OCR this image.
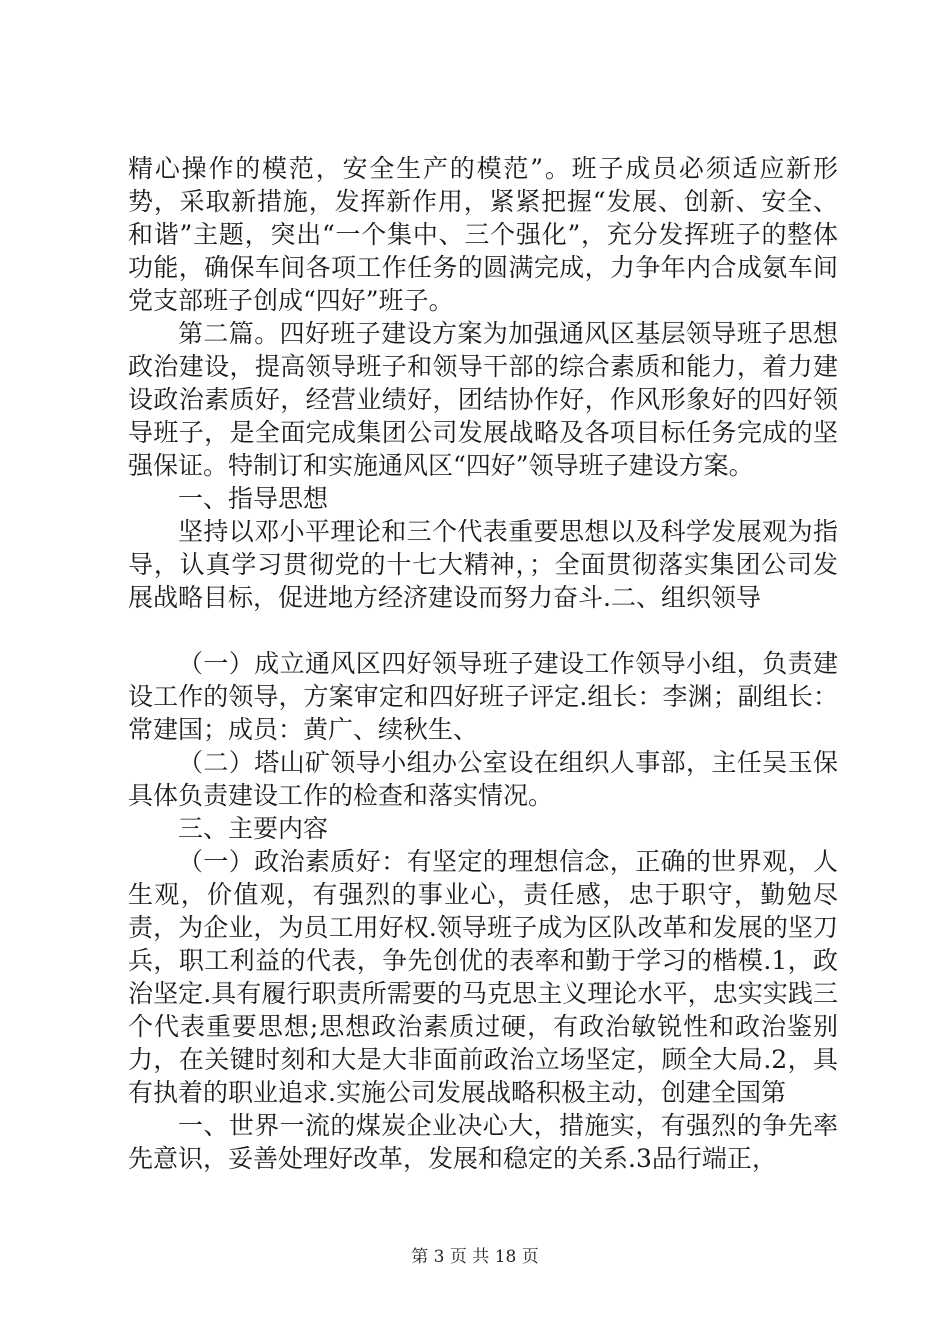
精心操作的模范，安全生产的模范”。班子成员必须适应新形势，采取新措施，发挥新作用，紧紧把握“发展、创新、安全、和谐”主题，突出“一个集中、三个强化”，充分发挥班子的整体功能，确保车间各项工作任务的圆满完成，力争年内合成氨车间党支部班子创成“四好”班子。

第二篇。四好班子建设方案为加强通风区基层领导班子思想政治建设，提高领导班子和领导干部的综合素质和能力，着力建设政治素质好，经营业绩好，团结协作好，作风形象好的四好领导班子，是全面完成集团公司发展战略及各项目标任务完成的坚强保证。特制订和实施通风区“四好”领导班子建设方案。

一、指导思想

坚持以邓小平理论和三个代表重要思想以及科学发展观为指导，认真学习贯彻党的十七大精神，；全面贯彻落实集团公司发展战略目标，促进地方经济建设而努力奋斗.二、组织领导

（一）成立通风区四好领导班子建设工作领导小组，负责建设工作的领导，方案审定和四好班子评定.组长：李渊；副组长：常建国；成员：黄广、续秋生、

（二）塔山矿领导小组办公室设在组织人事部，主任吴玉保具体负责建设工作的检查和落实情况。

三、主要内容

（一）政治素质好：有坚定的理想信念，正确的世界观，人生观，价值观，有强烈的事业心，责任感，忠于职守，勤勉尽责，为企业，为员工用好权.领导班子成为区队改革和发展的坚刀兵，职工利益的代表，争先创优的表率和勤于学习的楷模.1，政治坚定.具有履行职责所需要的马克思主义理论水平，忠实实践三个代表重要思想;思想政治素质过硬，有政治敏锐性和政治鉴别力，在关键时刻和大是大非面前政治立场坚定，顾全大局.2，具有执着的职业追求.实施公司发展战略积极主动，创建全国第

一、世界一流的煤炭企业决心大，措施实，有强烈的争先率先意识，妥善处理好改革，发展和稳定的关系.3品行端正，

第 3 页 共 18 页
